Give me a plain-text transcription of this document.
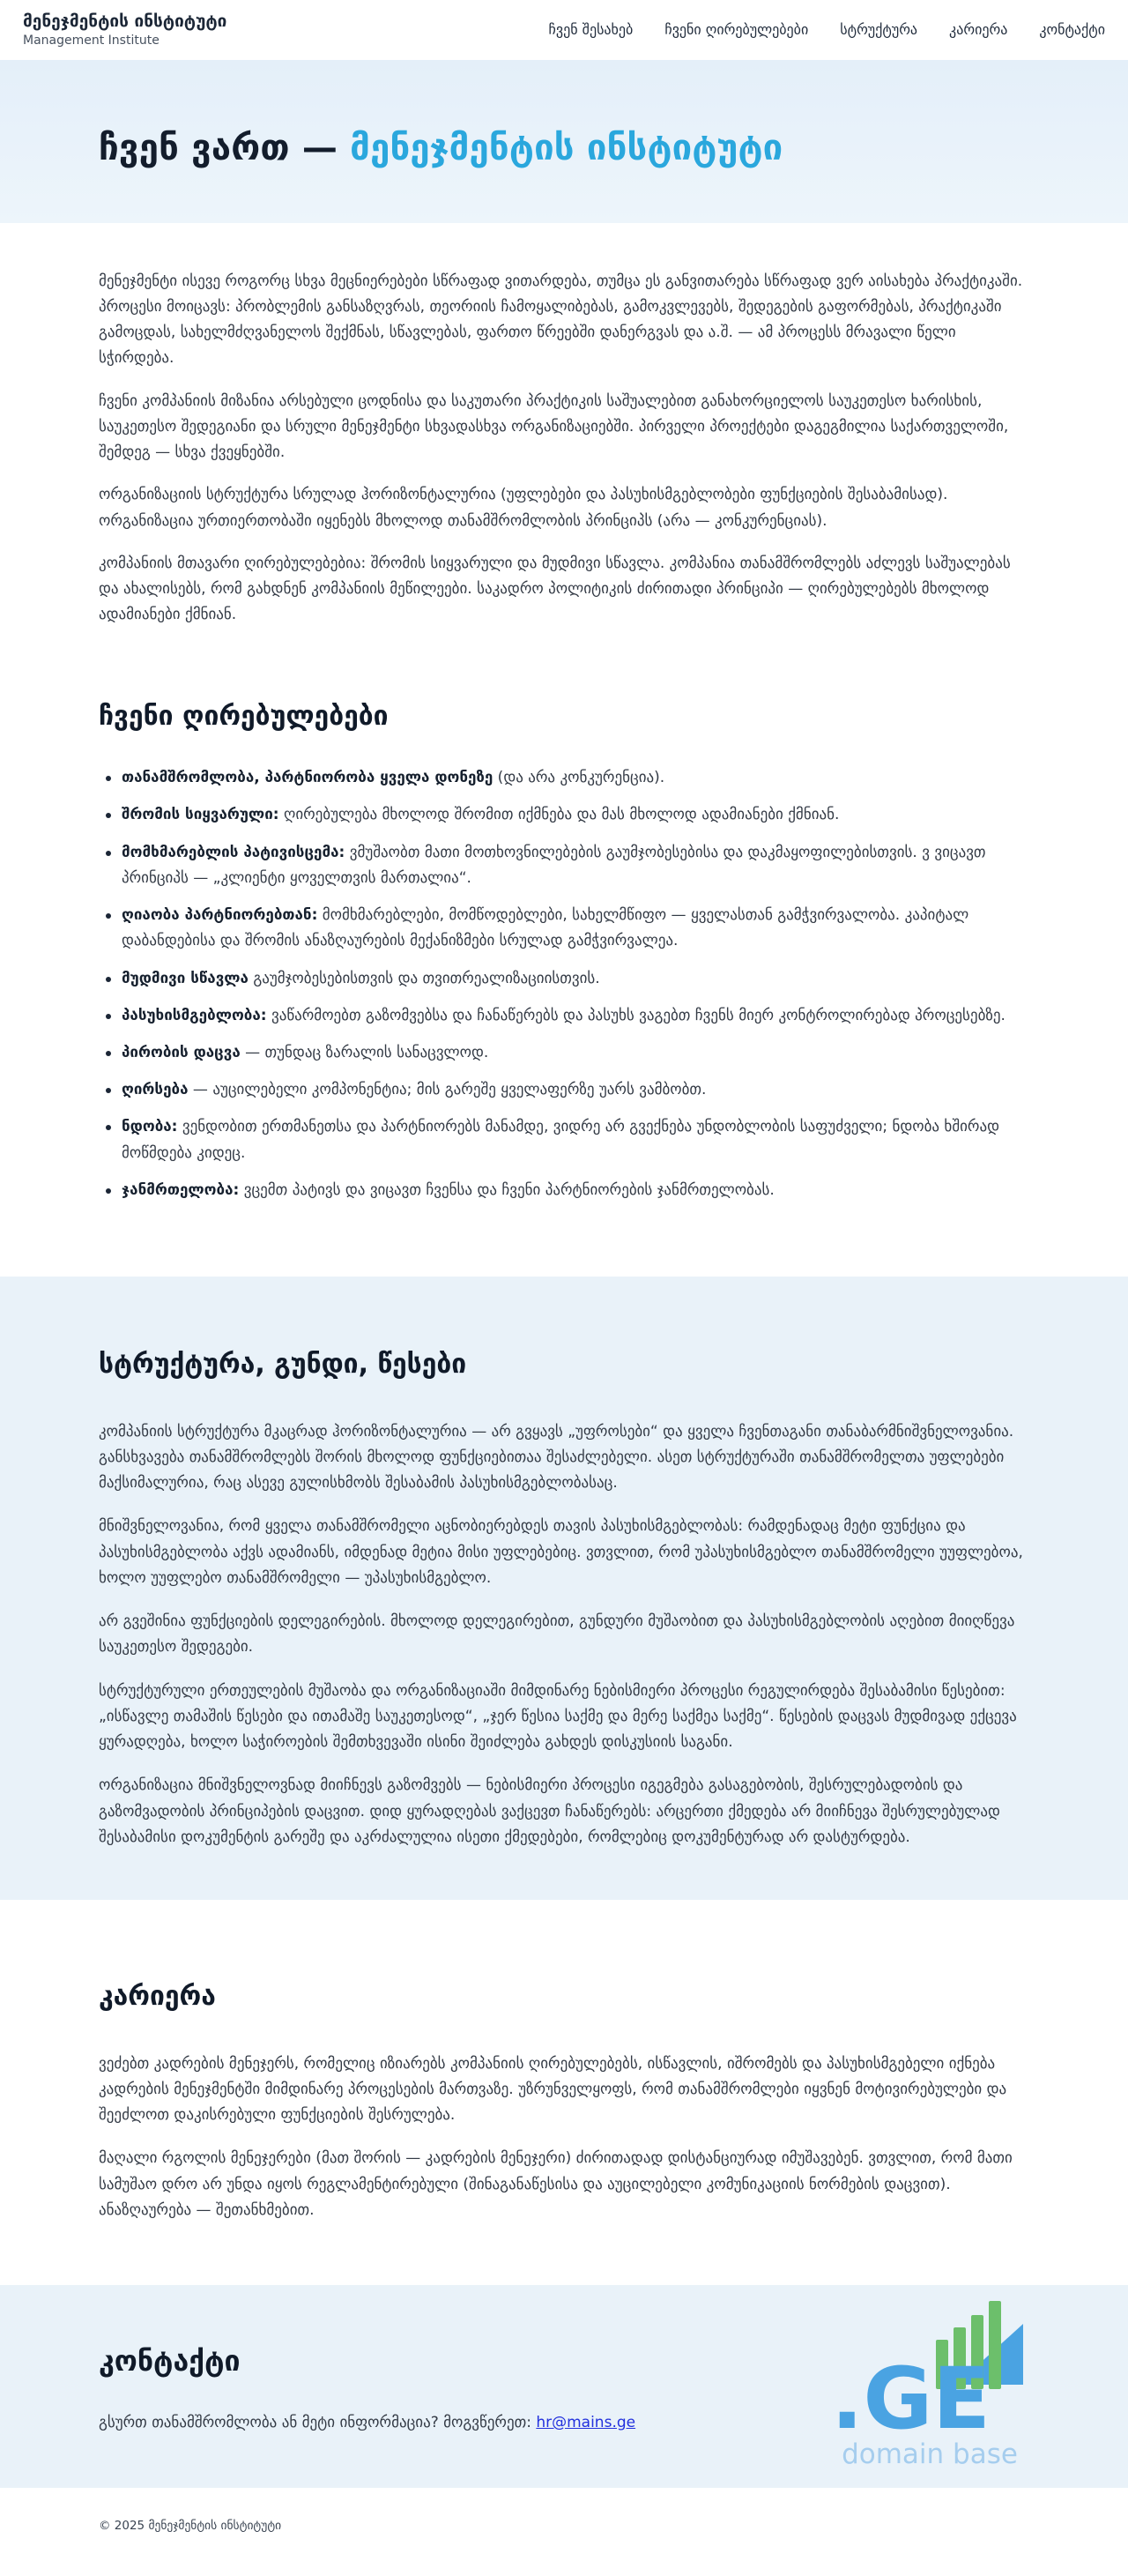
მენეჯმენტის ინსტიტუტი
Management Institute
ჩვენ შესახებ ჩვენი ღირებულებები სტრუქტურა კარიერა კონტაქტი
ჩვენ ვართ — მენეჯმენტის ინსტიტუტი

მენეჯმენტი ისევე როგორც სხვა მეცნიერებები სწრაფად ვითარდება, თუმცა ეს განვითარება სწრაფად ვერ აისახება პრაქტიკაში. პროცესი მოიცავს: პრობლემის განსაზღვრას, თეორიის ჩამოყალიბებას, გამოკვლევებს, შედეგების გაფორმებას, პრაქტიკაში გამოცდას, სახელმძღვანელოს შექმნას, სწავლებას, ფართო წრეებში დანერგვას და ა.შ. — ამ პროცესს მრავალი წელი სჭირდება.

ჩვენი კომპანიის მიზანია არსებული ცოდნისა და საკუთარი პრაქტიკის საშუალებით განახორციელოს საუკეთესო ხარისხის, საუკეთესო შედეგიანი და სრული მენეჯმენტი სხვადასხვა ორგანიზაციებში. პირველი პროექტები დაგეგმილია საქართველოში, შემდეგ — სხვა ქვეყნებში.

ორგანიზაციის სტრუქტურა სრულად ჰორიზონტალურია (უფლებები და პასუხისმგებლობები ფუნქციების შესაბამისად). ორგანიზაცია ურთიერთობაში იყენებს მხოლოდ თანამშრომლობის პრინციპს (არა — კონკურენციას).

კომპანიის მთავარი ღირებულებებია: შრომის სიყვარული და მუდმივი სწავლა. კომპანია თანამშრომლებს აძლევს საშუალებას და ახალისებს, რომ გახდნენ კომპანიის მეწილეები. საკადრო პოლიტიკის ძირითადი პრინციპი — ღირებულებებს მხოლოდ ადამიანები ქმნიან.

ჩვენი ღირებულებები
თანამშრომლობა, პარტნიორობა ყველა დონეზე (და არა კონკურენცია).
შრომის სიყვარული: ღირებულება მხოლოდ შრომით იქმნება და მას მხოლოდ ადამიანები ქმნიან.
მომხმარებლის პატივისცემა: ვმუშაობთ მათი მოთხოვნილებების გაუმჯობესებისა და დაკმაყოფილებისთვის. ვ ვიცავთ პრინციპს — „კლიენტი ყოველთვის მართალია“.
ღიაობა პარტნიორებთან: მომხმარებლები, მომწოდებლები, სახელმწიფო — ყველასთან გამჭვირვალობა. კაპიტალ დაბანდებისა და შრომის ანაზღაურების მექანიზმები სრულად გამჭვირვალეა.
მუდმივი სწავლა გაუმჯობესებისთვის და თვითრეალიზაციისთვის.
პასუხისმგებლობა: ვაწარმოებთ გაზომვებსა და ჩანაწერებს და პასუხს ვაგებთ ჩვენს მიერ კონტროლირებად პროცესებზე.
პირობის დაცვა — თუნდაც ზარალის სანაცვლოდ.
ღირსება — აუცილებელი კომპონენტია; მის გარეშე ყველაფერზე უარს ვამბობთ.
ნდობა: ვენდობით ერთმანეთსა და პარტნიორებს მანამდე, ვიდრე არ გვექნება უნდობლობის საფუძველი; ნდობა ხშირად მოწმდება კიდეც.
ჯანმრთელობა: ვცემთ პატივს და ვიცავთ ჩვენსა და ჩვენი პარტნიორების ჯანმრთელობას.
სტრუქტურა, გუნდი, წესები

კომპანიის სტრუქტურა მკაცრად ჰორიზონტალურია — არ გვყავს „უფროსები“ და ყველა ჩვენთაგანი თანაბარმნიშვნელოვანია. განსხვავება თანამშრომლებს შორის მხოლოდ ფუნქციებითაა შესაძლებელი. ასეთ სტრუქტურაში თანამშრომელთა უფლებები მაქსიმალურია, რაც ასევე გულისხმობს შესაბამის პასუხისმგებლობასაც.

მნიშვნელოვანია, რომ ყველა თანამშრომელი აცნობიერებდეს თავის პასუხისმგებლობას: რამდენადაც მეტი ფუნქცია და პასუხისმგებლობა აქვს ადამიანს, იმდენად მეტია მისი უფლებებიც. ვთვლით, რომ უპასუხისმგებლო თანამშრომელი უუფლებოა, ხოლო უუფლებო თანამშრომელი — უპასუხისმგებლო.

არ გვეშინია ფუნქციების დელეგირების. მხოლოდ დელეგირებით, გუნდური მუშაობით და პასუხისმგებლობის აღებით მიიღწევა საუკეთესო შედეგები.

სტრუქტურული ერთეულების მუშაობა და ორგანიზაციაში მიმდინარე ნებისმიერი პროცესი რეგულირდება შესაბამისი წესებით: „ისწავლე თამაშის წესები და ითამაშე საუკეთესოდ“, „ჯერ წესია საქმე და მერე საქმეა საქმე“. წესების დაცვას მუდმივად ექცევა ყურადღება, ხოლო საჭიროების შემთხვევაში ისინი შეიძლება გახდეს დისკუსიის საგანი.

ორგანიზაცია მნიშვნელოვნად მიიჩნევს გაზომვებს — ნებისმიერი პროცესი იგეგმება გასაგებობის, შესრულებადობის და გაზომვადობის პრინციპების დაცვით. დიდ ყურადღებას ვაქცევთ ჩანაწერებს: არცერთი ქმედება არ მიიჩნევა შესრულებულად შესაბამისი დოკუმენტის გარეშე და აკრძალულია ისეთი ქმედებები, რომლებიც დოკუმენტურად არ დასტურდება.

კარიერა

ვეძებთ კადრების მენეჯერს, რომელიც იზიარებს კომპანიის ღირებულებებს, ისწავლის, იშრომებს და პასუხისმგებელი იქნება კადრების მენეჯმენტში მიმდინარე პროცესების მართვაზე. უზრუნველყოფს, რომ თანამშრომლები იყვნენ მოტივირებულები და შეეძლოთ დაკისრებული ფუნქციების შესრულება.

მაღალი რგოლის მენეჯერები (მათ შორის — კადრების მენეჯერი) ძირითადად დისტანციურად იმუშავებენ. ვთვლით, რომ მათი სამუშაო დრო არ უნდა იყოს რეგლამენტირებული (შინაგანაწესისა და აუცილებელი კომუნიკაციის ნორმების დაცვით). ანაზღაურება — შეთანხმებით.

კონტაქტი

გსურთ თანამშრომლობა ან მეტი ინფორმაცია? მოგვწერეთ: hr@mains.ge .GE
domain base
© 2025 მენეჯმენტის ინსტიტუტი
